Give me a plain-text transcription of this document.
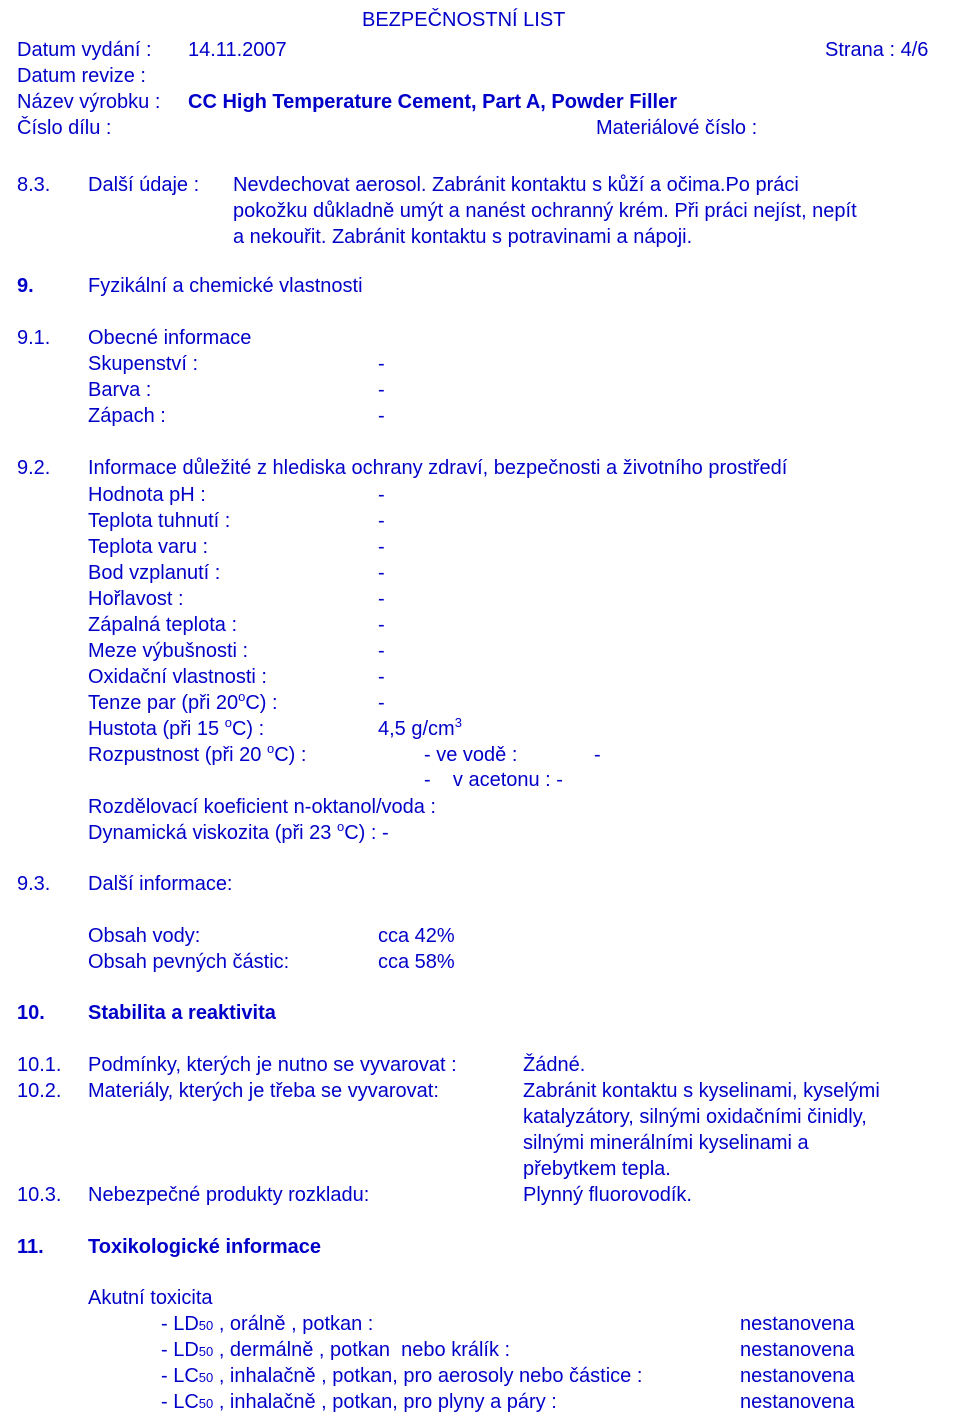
BEZPEČNOSTNÍ LIST
Datum vydání : 14.11.2007	Strana : 4/6
Datum revize :
Název výrobku : CC High Temperature Cement, Part A, Powder Filler
Číslo dílu :	Materiálové číslo :
8.3. Další údaje : Nevdechovat aerosol. Zabránit kontaktu s kůží a očima.Po práci
pokožku důkladně umýt a nanést ochranný krém. Při práci nejíst, nepít
a nekouřit. Zabránit kontaktu s potravinami a nápoji.
9.	Fyzikální a chemické vlastnosti
9.1. Obecné informace
Skupenství :	-
Barva :	-
Zápach :	-
9.2. Informace důležité z hlediska ochrany zdraví, bezpečnosti a životního prostředí
Hodnota pH :	-
Teplota tuhnutí :	-
Teplota varu :	-
Bod vzplanutí :	-
Hořlavost :	-
Zápalná teplota :	-
Meze výbušnosti :	-
Oxidační vlastnosti :	-
Tenze par (při 20$^o$C) :	-
Hustota (při 15 $^o$C) :	4,5 $g/cm^3$
Rozpustnost (při 20 $^o$C) :	- ve vodě :	-
-    v acetonu : -
Rozdělovací koeficient n-oktanol/voda :
Dynamická viskozita (při 23 $^o$C) : -
9.3. Další informace:
Obsah vody:	cca 42%
Obsah pevných částic:	cca 58%
10. Stabilita a reaktivita
10.1. Podmínky, kterých je nutno se vyvarovat :	Žádné.
10.2. Materiály, kterých je třeba se vyvarovat:	Zabránit kontaktu s kyselinami, kyselými
katalyzátory, silnými oxidačními činidly,
silnými minerálními kyselinami a
přebytkem tepla.
10.3. Nebezpečné produkty rozkladu:	Plynný fluorovodík.
11. Toxikologické informace
Akutní toxicita
- $LD_{50}$ , orálně , potkan :	nestanovena
- $LD_{50}$ , dermálně , potkan  nebo králík :	nestanovena
- $LC_{50}$ , inhalačně , potkan, pro aerosoly nebo částice :	nestanovena
- $LC_{50}$ , inhalačně , potkan, pro plyny a páry :	nestanovena
